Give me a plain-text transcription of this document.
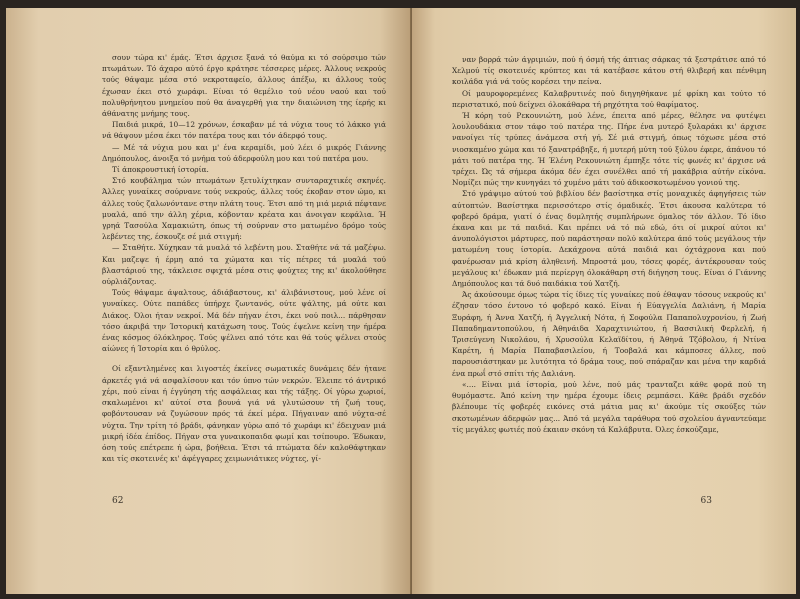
σουν τώρα κι' έμάς. Έτσι άρχισε ξανά τό θαύμα κι τό σούρσιμο τών πτωμάτων. Τό άχαρο αύτό έργο κράτησε τέσσερες μέρες. Άλλους νεκρούς τούς θάψαμε μέσα στό νεκροταφείο, άλλους άπέξω, κι άλλους τούς έχωσαν έκει στό χωράφι. Είναι τό θεμέλιο τού νέου ναού και τού πολυθρήνητου μνημείου πού θα άναγερθή για την διαιώνιση της ίερής κι άθάνατης μνήμης τους.

Παιδιά μικρά, 10—12 χρόνων, έσκαβαν μέ τά νύχια τους τό λάκκο γιά νά θάψουν μέσα έκει τόν πατέρα τους και τόν άδερφό τους.

— Μέ τά νύχια μου και μ' ένα κεραμίδι, μού λέει ό μικρός Γιάννης Δημόπουλος, άνοιξα τό μνήμα τού άδερφούλη μου και τού πατέρα μου.

Τί άποκρουστική ίστορία.

Στό κουβάλημα τών πτωμάτων ξετυλίχτηκαν συνταραχτικές σκηνές. Άλλες γυναίκες σούρνανε τούς νεκρούς, άλλες τούς έκοβαν στον ώμο, κι άλλες τούς ζαλωνόντανε στην πλάτη τους. Έτσι από τη μιά μεριά πέφτανε μυαλά, από την άλλη χέρια, κόβονταν κρέατα και άνοιγαν κεφάλια. Ή γρηά Τασούλα Χαμακιώτη, όπως τή σούρναν στο ματωμένο δρόμο τούς λεβέντες της, έσκουζε σέ μιά στιγμή:

— Σταθήτε. Χύχηκαν τά μυαλά τό λεβέντη μου. Σταθήτε νά τά μαζέψω. Και μαζεψε ή έρμη από τα χώματα και τίς πέτρες τά μυαλά τού βλαστάριού της, τάκλεισε σφιχτά μέσα στις φούχτες της κι' άκολούθησε ούρλιάζοντας.

Τούς θάψαμε άψαλτους, άδιάβαστους, κι' άλιβάνιστους, μού λένε οί γυναίκες. Ούτε παπάδες ύπήρχε ζωντανός, ούτε ψάλτης, μά ούτε και Διάκος. Όλοι ήταν νεκροί. Μά δέν πήγαν έτσι, έκει νού ποιλ... πάρθησαν τόσο άκριβά την Ίστορική κατάχωση τους. Τούς έψελνε κείνη την ήμέρα ένας κόσμος όλόκληρος. Τούς ψέλνει από τότε και θά τούς ψέλνει στούς αίώνες ή Ίστορία και ό θρύλος.

Οί εξαντλημένες και λιγοστές έκείνες σωματικές δυνάμεις δέν ήτανε άρκετές γιά νά ασφαλίσουν και τόν ύπνο τών νεκρών. Έλειπε τό άντρικό χέρι, πού είναι ή έγγύηση τής ασφάλειας και τής τάξης. Οί γύρω χωριοί, σκαλωμένοι κι' αύτοί στα βουνά γιά νά γλυτώσουν τή ζωή τους, φοβόντουσαν νά ζυγώσουν πρός τά έκεί μέρα. Πήγαιναν από νύχτα-σέ νύχτα. Την τρίτη τό βράδι, φάνηκαν γύρω από τό χωράφι κι' έδειχναν μιά μικρή ίδέα έπίδος. Πήγαν στα γυναικοπαιδα φωμί και τσίπουρο. Έδωκαν, όση τούς επέτρεπε ή ώρα, βοήθεια. Έτσι τά πτώματα δέν καλοθάφτηκαν και τίς σκοτεινές κι' άφέγγαρες χειμωνιάτικες νύχτες, γί-

62

ναν βορρά τών άγριμιών, πού ή όσμή τής άπτιας σάρκας τά ξεστράτισε από τό Χελμού τίς σκοτεινές κρύπτες και τά κατέβασε κάτου στή θλιβερή και πένθιμη κοιλάδα γιά νά τούς κορέσει την πείνα.

Οί μαυροφορεμένες Καλαβρυτινές πού διηγηθήκανε μέ φρίκη και τούτο τό περιστατικό, πού δείχνει όλοκάθαρα τή ρηχότητα τού θαφίματος.

Ή κόρη τού Ρεκουνιώτη, μού λένε, έπειτα από μέρες, θέλησε να φυτέψει λουλουδάκια στον τάφο τού πατέρα της. Πήρε ένα μυτερό ξυλαράκι κι' άρχισε νανοίγει τίς τρύπες άνάμεσα στή γή. Σέ μιά στιγμή, όπως τόχωσε μέσα στό νιοσκαμένο χώμα και τό ξανατράβηξε, ή μυτερή μύτη τού ξύλου έφερε, άπάνου τό μάτι τού πατέρα της. Ή Έλένη Ρεκουνιώτη έμπηξε τότε τίς φωνές κι' άρχισε νά τρέχει. Ώς τά σήμερα άκόμα δέν έχει συνέλθει από τή μακάβρια αύτήν είκόνα. Νομίζει πώς την κυνηγάει τό χυμένο μάτι τού άδικοσκοτωμένου γονιού της.

Στό γράψιμο αύτού τού βιβλίου δέν βασίστηκα στίς μοναχικές άφηγήσεις τών αύτοπτών. Βασίστηκα περισσότερο στίς όμαδικές. Έτσι άκουσα καλύτερα τό φοβερό δράμα, γιατί ό ένας δυμλητής συμπλήρωνε όμαλος τόν άλλον. Τό ίδιο έκανα και με τά παιδιά. Και πρέπει νά τό πώ εδώ, ότι οί μικροί αύτοι κι' άνυπολόγιστοι μάρτυρες, πού παράστησαν πολύ καλύτερα άπό τούς μεγάλους τήν ματωμένη τους ίστορία. Δεκάχρονα αύτά παιδιά και όχτάχρονα και πού φανέρωσαν μιά κρίση άληθεινή. Μπροστά μου, τόσες φορές, άντέκρουσαν τούς μεγάλους κι' έδωκαν μιά περίεργη όλοκάθαρη στή διήγηση τους. Είναι ό Γιάννης Δημόπουλος και τά δυό παιδάκια τού Χατζή.

Άς άκούσουμε όμως τώρα τίς ίδιες τίς γυναίκες πού έθαψαν τόσους νεκρούς κι' έζησαν τόσο έντονο τό φοβερό κακό. Είναι ή Εύαγγελία Δαλιάνη, ή Μαρία Ξυράφη, ή Άννα Χατζή, ή Άγγελική Νότα, ή Σοφούλα Παπαπολυχρονίου, ή Ζωή Παπαδημαντοπούλου, ή Άθηνάιδα Χαραχτινιώτου, ή Βασσιλική Φερλελή, ή Τρισεύγενη Νικολάου, ή Χρυσούλα Κελαϊδίτου, ή Άθηνά Τζόβολου, ή Ντίνα Καρέτη, ή Μαρία Παπαβασιλείου, ή Τοοβαλά και κάμποσες άλλες, πού παρουσιάστηκαν με λυτότητα τό δράμα τους, πού σπάραζαν και μένα την καρδιά ένα πρωΐ στό σπίτι τής Δαλιάνη.

«.... Είναι μιά ίστορία, μού λένε, πού μάς τρανταζει κάθε φορά πού τη θυμόμαστε. Άπό κείνη την ημέρα έχουμε ίδεις ρεμπάσει. Κάθε βράδι σχεδόν βλέπουμε τίς φοβερές εικόνες στά μάτια μας κι' άκούμε τίς σκούξες τών σκοτωμένων άδερφών μας... Άπό τά μεγάλα ταράθυρα τού σχολείου άγναντεύαμε τίς μεγάλες φωτιές πού έκαιαν σκόνη τά Καλάβρυτα. Όλες έσκούζαμε,

63
